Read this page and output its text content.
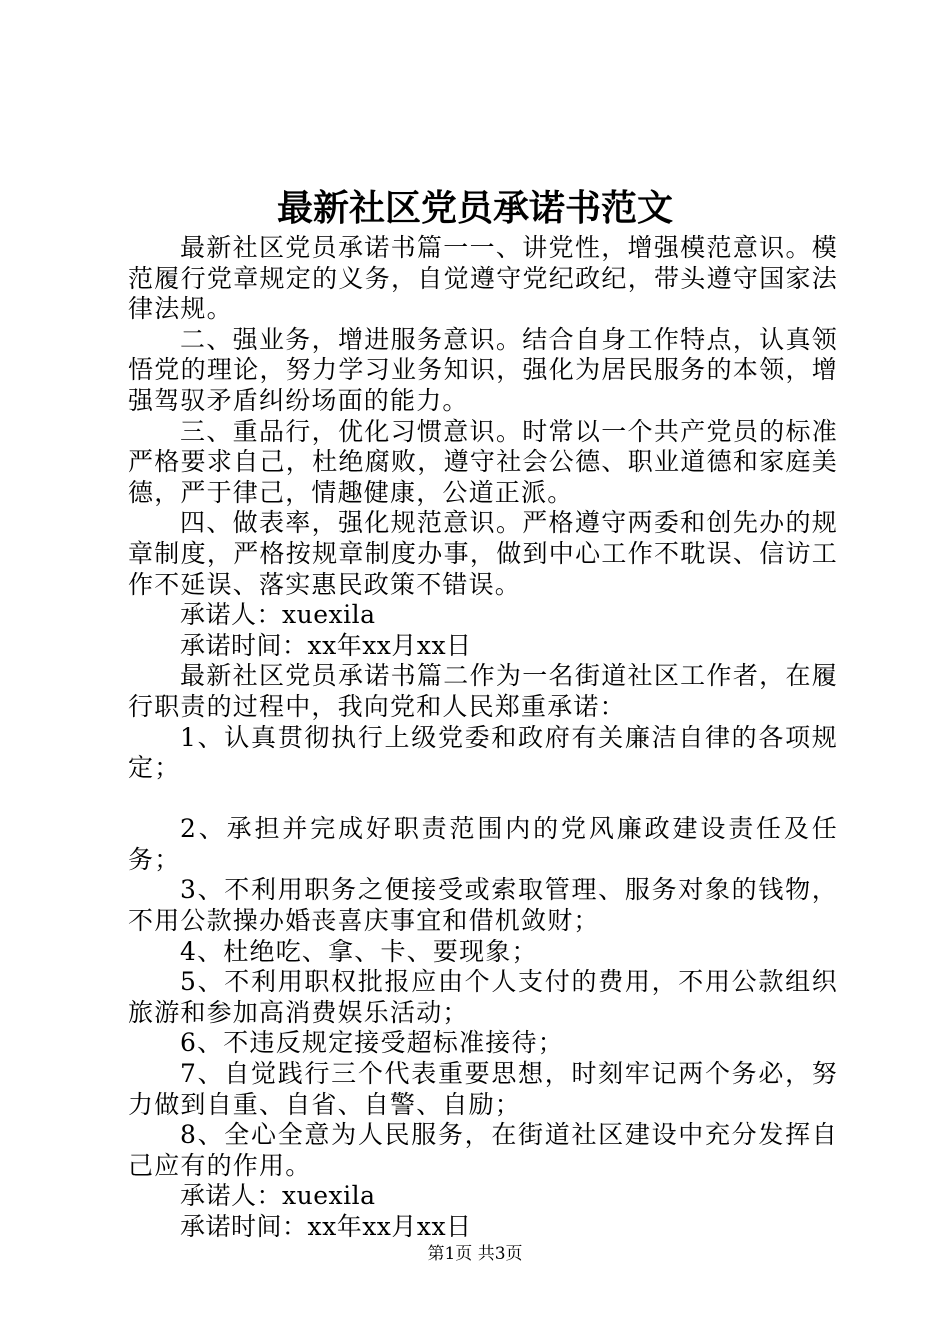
最新社区党员承诺书范文

最新社区党员承诺书篇一一、讲党性，增强模范意识。模范履行党章规定的义务，自觉遵守党纪政纪，带头遵守国家法律法规。

二、强业务，增进服务意识。结合自身工作特点，认真领悟党的理论，努力学习业务知识，强化为居民服务的本领，增强驾驭矛盾纠纷场面的能力。

三、重品行，优化习惯意识。时常以一个共产党员的标准严格要求自己，杜绝腐败，遵守社会公德、职业道德和家庭美德，严于律己，情趣健康，公道正派。

四、做表率，强化规范意识。严格遵守两委和创先办的规章制度，严格按规章制度办事，做到中心工作不耽误、信访工作不延误、落实惠民政策不错误。

承诺人：xuexila

承诺时间：xx年xx月xx日

最新社区党员承诺书篇二作为一名街道社区工作者，在履行职责的过程中，我向党和人民郑重承诺：

1、认真贯彻执行上级党委和政府有关廉洁自律的各项规定；

2、承担并完成好职责范围内的党风廉政建设责任及任务；

3、不利用职务之便接受或索取管理、服务对象的钱物，不用公款操办婚丧喜庆事宜和借机敛财；

4、杜绝吃、拿、卡、要现象；

5、不利用职权批报应由个人支付的费用，不用公款组织旅游和参加高消费娱乐活动；

6、不违反规定接受超标准接待；

7、自觉践行三个代表重要思想，时刻牢记两个务必，努力做到自重、自省、自警、自励；

8、全心全意为人民服务，在街道社区建设中充分发挥自己应有的作用。

承诺人：xuexila

承诺时间：xx年xx月xx日

第1页 共3页
